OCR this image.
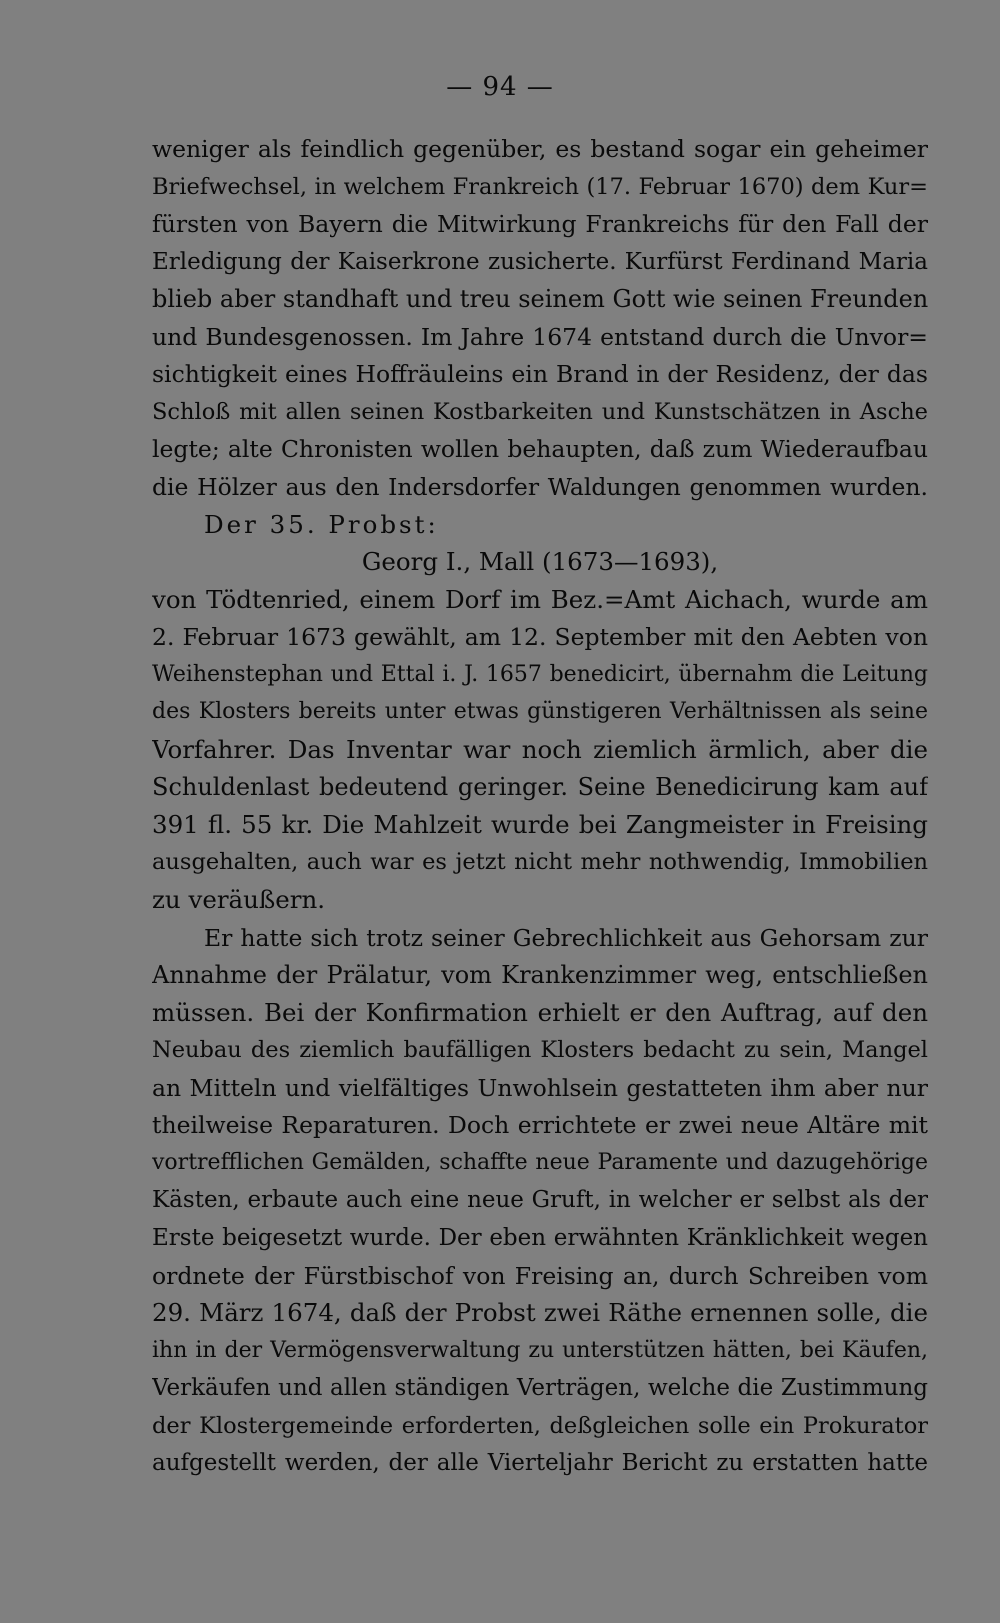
— 94 —
weniger als feindlich gegenüber, es bestand sogar ein geheimer
Briefwechsel, in welchem Frankreich (17. Februar 1670) dem Kur=
fürsten von Bayern die Mitwirkung Frankreichs für den Fall der
Erledigung der Kaiserkrone zusicherte. Kurfürst Ferdinand Maria
blieb aber standhaft und treu seinem Gott wie seinen Freunden
und Bundesgenossen. Im Jahre 1674 entstand durch die Unvor=
sichtigkeit eines Hoffräuleins ein Brand in der Residenz, der das
Schloß mit allen seinen Kostbarkeiten und Kunstschätzen in Asche
legte; alte Chronisten wollen behaupten, daß zum Wiederaufbau
die Hölzer aus den Indersdorfer Waldungen genommen wurden.
Der 35. Probst:
Georg I., Mall (1673—1693),
von Tödtenried, einem Dorf im Bez.=Amt Aichach, wurde am
2. Februar 1673 gewählt, am 12. September mit den Aebten von
Weihenstephan und Ettal i. J. 1657 benedicirt, übernahm die Leitung
des Klosters bereits unter etwas günstigeren Verhältnissen als seine
Vorfahrer. Das Inventar war noch ziemlich ärmlich, aber die
Schuldenlast bedeutend geringer. Seine Benedicirung kam auf
391 fl. 55 kr. Die Mahlzeit wurde bei Zangmeister in Freising
ausgehalten, auch war es jetzt nicht mehr nothwendig, Immobilien
zu veräußern.
Er hatte sich trotz seiner Gebrechlichkeit aus Gehorsam zur
Annahme der Prälatur, vom Krankenzimmer weg, entschließen
müssen. Bei der Konfirmation erhielt er den Auftrag, auf den
Neubau des ziemlich baufälligen Klosters bedacht zu sein, Mangel
an Mitteln und vielfältiges Unwohlsein gestatteten ihm aber nur
theilweise Reparaturen. Doch errichtete er zwei neue Altäre mit
vortrefflichen Gemälden, schaffte neue Paramente und dazugehörige
Kästen, erbaute auch eine neue Gruft, in welcher er selbst als der
Erste beigesetzt wurde. Der eben erwähnten Kränklichkeit wegen
ordnete der Fürstbischof von Freising an, durch Schreiben vom
29. März 1674, daß der Probst zwei Räthe ernennen solle, die
ihn in der Vermögensverwaltung zu unterstützen hätten, bei Käufen,
Verkäufen und allen ständigen Verträgen, welche die Zustimmung
der Klostergemeinde erforderten, deßgleichen solle ein Prokurator
aufgestellt werden, der alle Vierteljahr Bericht zu erstatten hatte
